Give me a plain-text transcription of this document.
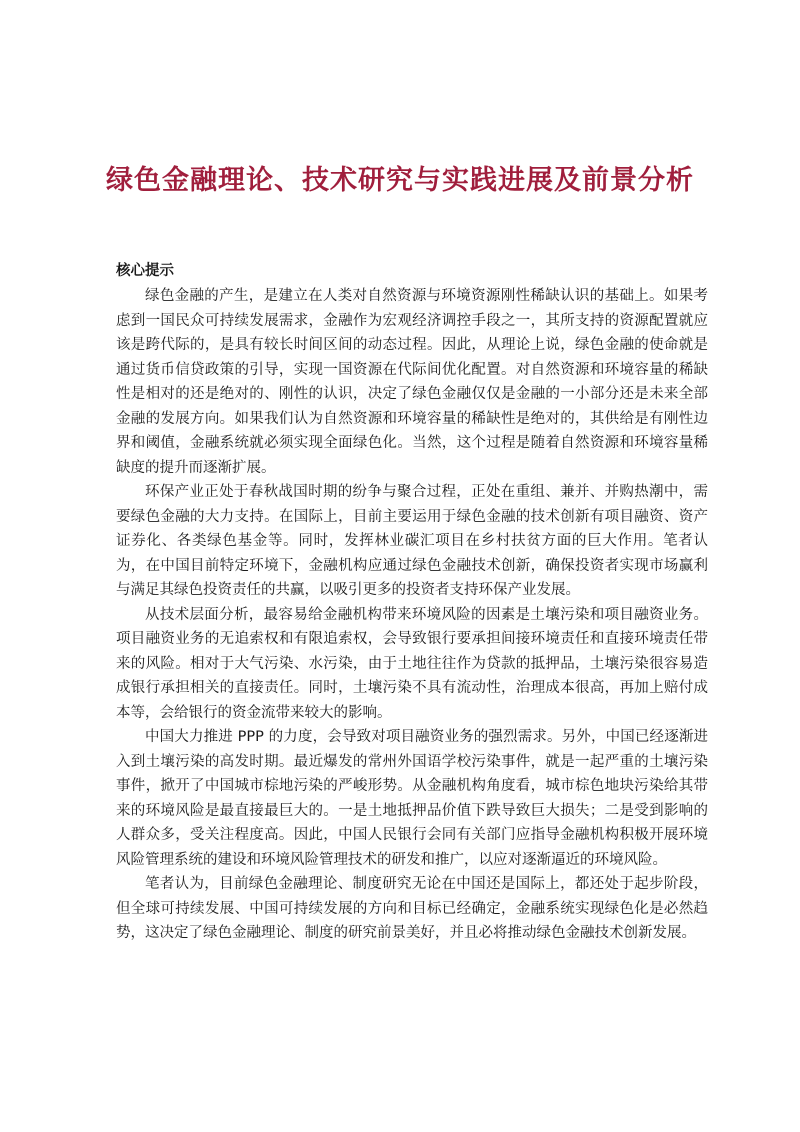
绿色金融理论、技术研究与实践进展及前景分析

核心提示

绿色金融的产生，是建立在人类对自然资源与环境资源刚性稀缺认识的基础上。如果考虑到一国民众可持续发展需求，金融作为宏观经济调控手段之一，其所支持的资源配置就应该是跨代际的，是具有较长时间区间的动态过程。因此，从理论上说，绿色金融的使命就是通过货币信贷政策的引导，实现一国资源在代际间优化配置。对自然资源和环境容量的稀缺性是相对的还是绝对的、刚性的认识，决定了绿色金融仅仅是金融的一小部分还是未来全部金融的发展方向。如果我们认为自然资源和环境容量的稀缺性是绝对的，其供给是有刚性边界和阈值，金融系统就必须实现全面绿色化。当然，这个过程是随着自然资源和环境容量稀缺度的提升而逐渐扩展。

环保产业正处于春秋战国时期的纷争与聚合过程，正处在重组、兼并、并购热潮中，需要绿色金融的大力支持。在国际上，目前主要运用于绿色金融的技术创新有项目融资、资产证券化、各类绿色基金等。同时，发挥林业碳汇项目在乡村扶贫方面的巨大作用。笔者认为，在中国目前特定环境下，金融机构应通过绿色金融技术创新，确保投资者实现市场赢利与满足其绿色投资责任的共赢，以吸引更多的投资者支持环保产业发展。

从技术层面分析，最容易给金融机构带来环境风险的因素是土壤污染和项目融资业务。项目融资业务的无追索权和有限追索权，会导致银行要承担间接环境责任和直接环境责任带来的风险。相对于大气污染、水污染，由于土地往往作为贷款的抵押品，土壤污染很容易造成银行承担相关的直接责任。同时，土壤污染不具有流动性，治理成本很高，再加上赔付成本等，会给银行的资金流带来较大的影响。

中国大力推进 PPP 的力度，会导致对项目融资业务的强烈需求。另外，中国已经逐渐进入到土壤污染的高发时期。最近爆发的常州外国语学校污染事件，就是一起严重的土壤污染事件，掀开了中国城市棕地污染的严峻形势。从金融机构角度看，城市棕色地块污染给其带来的环境风险是最直接最巨大的。一是土地抵押品价值下跌导致巨大损失；二是受到影响的人群众多，受关注程度高。因此，中国人民银行会同有关部门应指导金融机构积极开展环境风险管理系统的建设和环境风险管理技术的研发和推广，以应对逐渐逼近的环境风险。

笔者认为，目前绿色金融理论、制度研究无论在中国还是国际上，都还处于起步阶段，但全球可持续发展、中国可持续发展的方向和目标已经确定，金融系统实现绿色化是必然趋势，这决定了绿色金融理论、制度的研究前景美好，并且必将推动绿色金融技术创新发展。
